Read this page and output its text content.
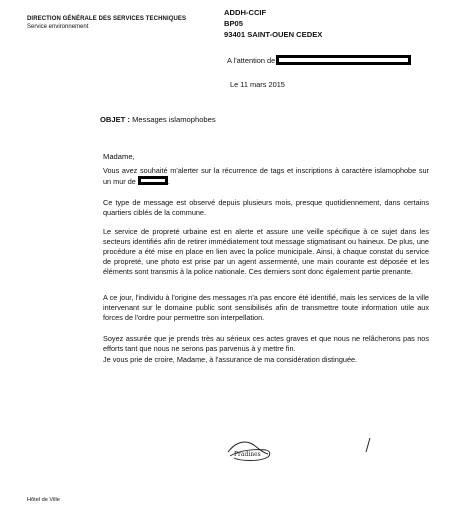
DIRECTION GÉNÉRALE DES SERVICES TECHNIQUES
Service environnement
ADDH-CCIF
BP05
93401 SAINT-OUEN CEDEX
A l'attention de
Le 11 mars 2015
OBJET : Messages islamophobes
Madame,
Vous avez souhaité m'alerter sur la récurrence de tags et inscriptions à caractère islamophobe sur un mur de	.
Ce type de message est observé depuis plusieurs mois, presque quotidiennement, dans certains quartiers ciblés de la commune.
Le service de propreté urbaine est en alerte et assure une veille spécifique à ce sujet dans les secteurs identifiés afin de retirer immédiatement tout message stigmatisant ou haineux. De plus, une procédure a été mise en place en lien avec la police municipale. Ainsi, à chaque constat du service de propreté, une photo est prise par un agent assermenté, une main courante est déposée et les éléments sont transmis à la police nationale. Ces derniers sont donc également partie prenante.
A ce jour, l'individu à l'origine des messages n'a pas encore été identifié, mais les services de la ville intervenant sur le domaine public sont sensibilisés afin de transmettre toute information utile aux forces de l'ordre pour permettre son interpellation.
Soyez assurée que je prends très au sérieux ces actes graves et que nous ne relâcherons pas nos efforts tant que nous ne serons pas parvenus à y mettre fin.
Je vous prie de croire, Madame, à l'assurance de ma considération distinguée.
Pradines
Hôtel de Ville
